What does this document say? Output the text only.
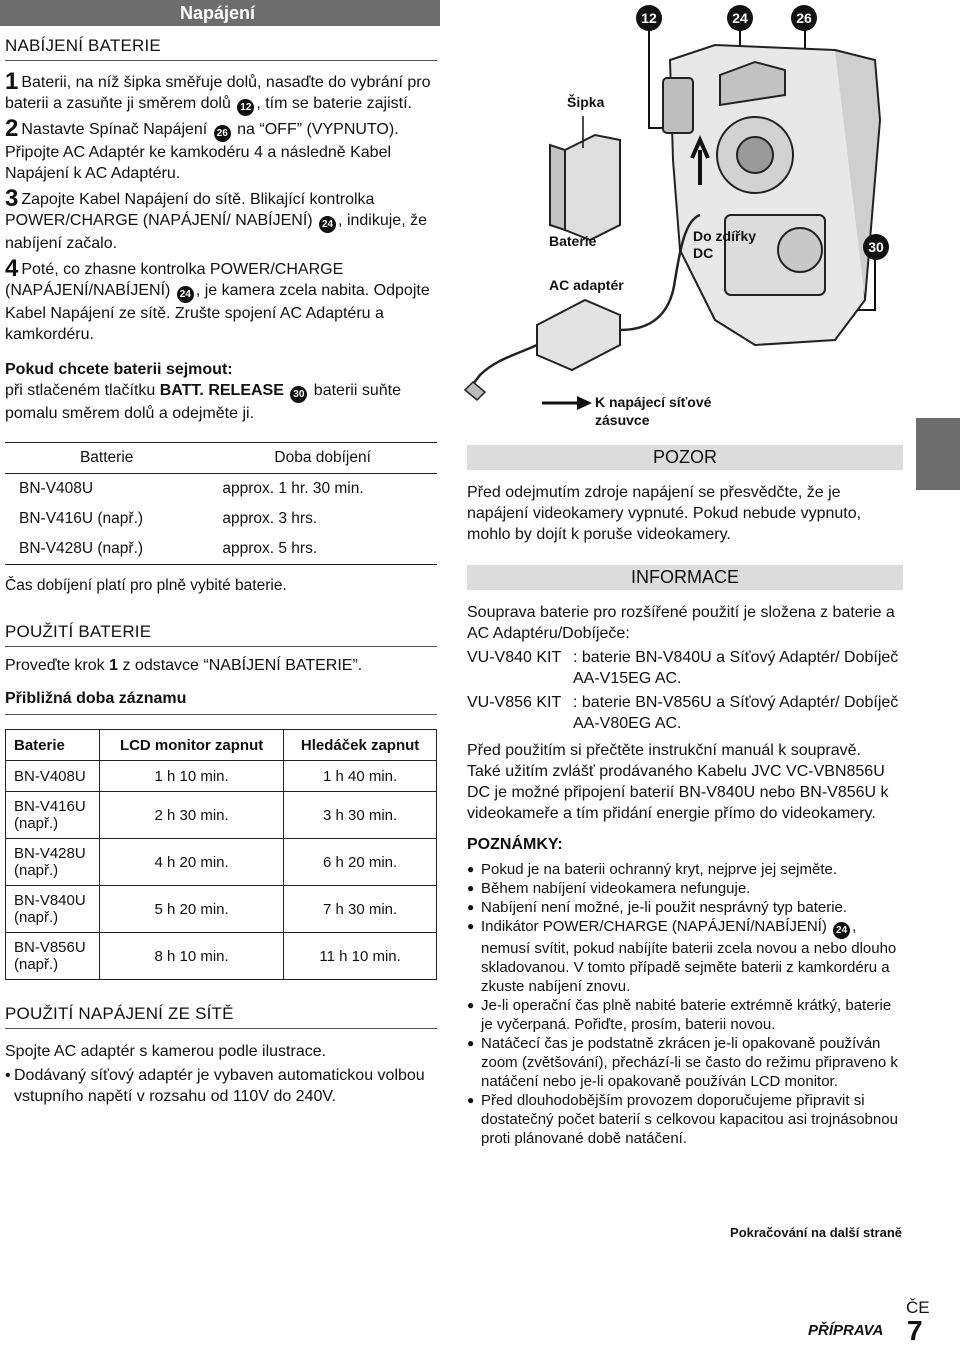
Napájení
NABÍJENÍ BATERIE
1 Baterii, na níž šipka směřuje dolů, nasaďte do vybrání pro baterii a zasuňte ji směrem dolů 12 , tím se baterie zajistí.
2 Nastavte Spínač Napájení 26 na “OFF” (VYPNUTO). Připojte AC Adaptér ke kamkodéru 4 a následně Kabel Napájení k AC Adaptéru.
3 Zapojte Kabel Napájení do sítě. Blikající kontrolka POWER/CHARGE (NAPÁJENÍ/ NABÍJENÍ) 24 , indikuje, že nabíjení začalo.
4 Poté, co zhasne kontrolka POWER/CHARGE (NAPÁJENÍ/NABÍJENÍ) 24 , je kamera zcela nabita. Odpojte Kabel Napájení ze sítě. Zrušte spojení AC Adaptéru a kamkordéru.
Pokud chcete baterii sejmout:
při stlačeném tlačítku BATT. RELEASE 30 baterii suňte pomalu směrem dolů a odejměte ji.
Batterie	Doba dobíjení
BN-V408U	approx. 1 hr. 30 min.
BN-V416U (např.)	approx. 3 hrs.
BN-V428U (např.)	approx. 5 hrs.
Čas dobíjení platí pro plně vybité baterie.
POUŽITÍ BATERIE
Proveďte krok 1 z odstavce “NABÍJENÍ BATERIE”.
Přibližná doba záznamu
Baterie	LCD monitor zapnut	Hledáček zapnut
BN-V408U	1 h 10 min.	1 h 40 min.
BN-V416U (např.)	2 h 30 min.	3 h 30 min.
BN-V428U (např.)	4 h 20 min.	6 h 20 min.
BN-V840U (např.)	5 h 20 min.	7 h 30 min.
BN-V856U (např.)	8 h 10 min.	11 h 10 min.
POUŽITÍ NAPÁJENÍ ZE SÍTĚ
Spojte AC adaptér s kamerou podle ilustrace.
• Dodávaný síťový adaptér je vybaven automatickou volbou vstupního napětí v rozsahu od 110V do 240V.
12	24	26
30
Šipka
Baterie
AC adaptér
Do zdířky DC
K napájecí síťové zásuvce
POZOR
Před odejmutím zdroje napájení se přesvědčte, že je napájení videokamery vypnuté. Pokud nebude vypnuto, mohlo by dojít k poruše videokamery.
INFORMACE
Souprava baterie pro rozšířené použití je složena z baterie a AC Adaptéru/Dobíječe:
VU-V840 KIT : baterie BN-V840U a Síťový Adaptér/ Dobíječ AA-V15EG AC.
VU-V856 KIT : baterie BN-V856U a Síťový Adaptér/ Dobíječ AA-V80EG AC.
Před použitím si přečtěte instrukční manuál k soupravě.
Také užitím zvlášť prodávaného Kabelu JVC VC-VBN856U DC je možné připojení baterií BN-V840U nebo BN-V856U k videokameře a tím přidání energie přímo do videokamery.
POZNÁMKY:
● Pokud je na baterii ochranný kryt, nejprve jej sejměte.
● Během nabíjení videokamera nefunguje.
● Nabíjení není možné, je-li použit nesprávný typ baterie.
● Indikátor POWER/CHARGE (NAPÁJENÍ/NABÍJENÍ) 24 , nemusí svítit, pokud nabíjíte baterii zcela novou a nebo dlouho skladovanou. V tomto případě sejměte baterii z kamkordéru a zkuste nabíjení znovu.
● Je-li operační čas plně nabité baterie extrémně krátký, baterie je vyčerpaná. Pořiďte, prosím, baterii novou.
● Natáčecí čas je podstatně zkrácen je-li opakovaně používán zoom (zvětšování), přechází-li se často do režimu připraveno k natáčení nebo je-li opakovaně používán LCD monitor.
● Před dlouhodobějším provozem doporučujeme připravit si dostatečný počet baterií s celkovou kapacitou asi trojnásobnou proti plánované době natáčení.
Pokračování na další straně
ČE
PŘÍPRAVA 7
